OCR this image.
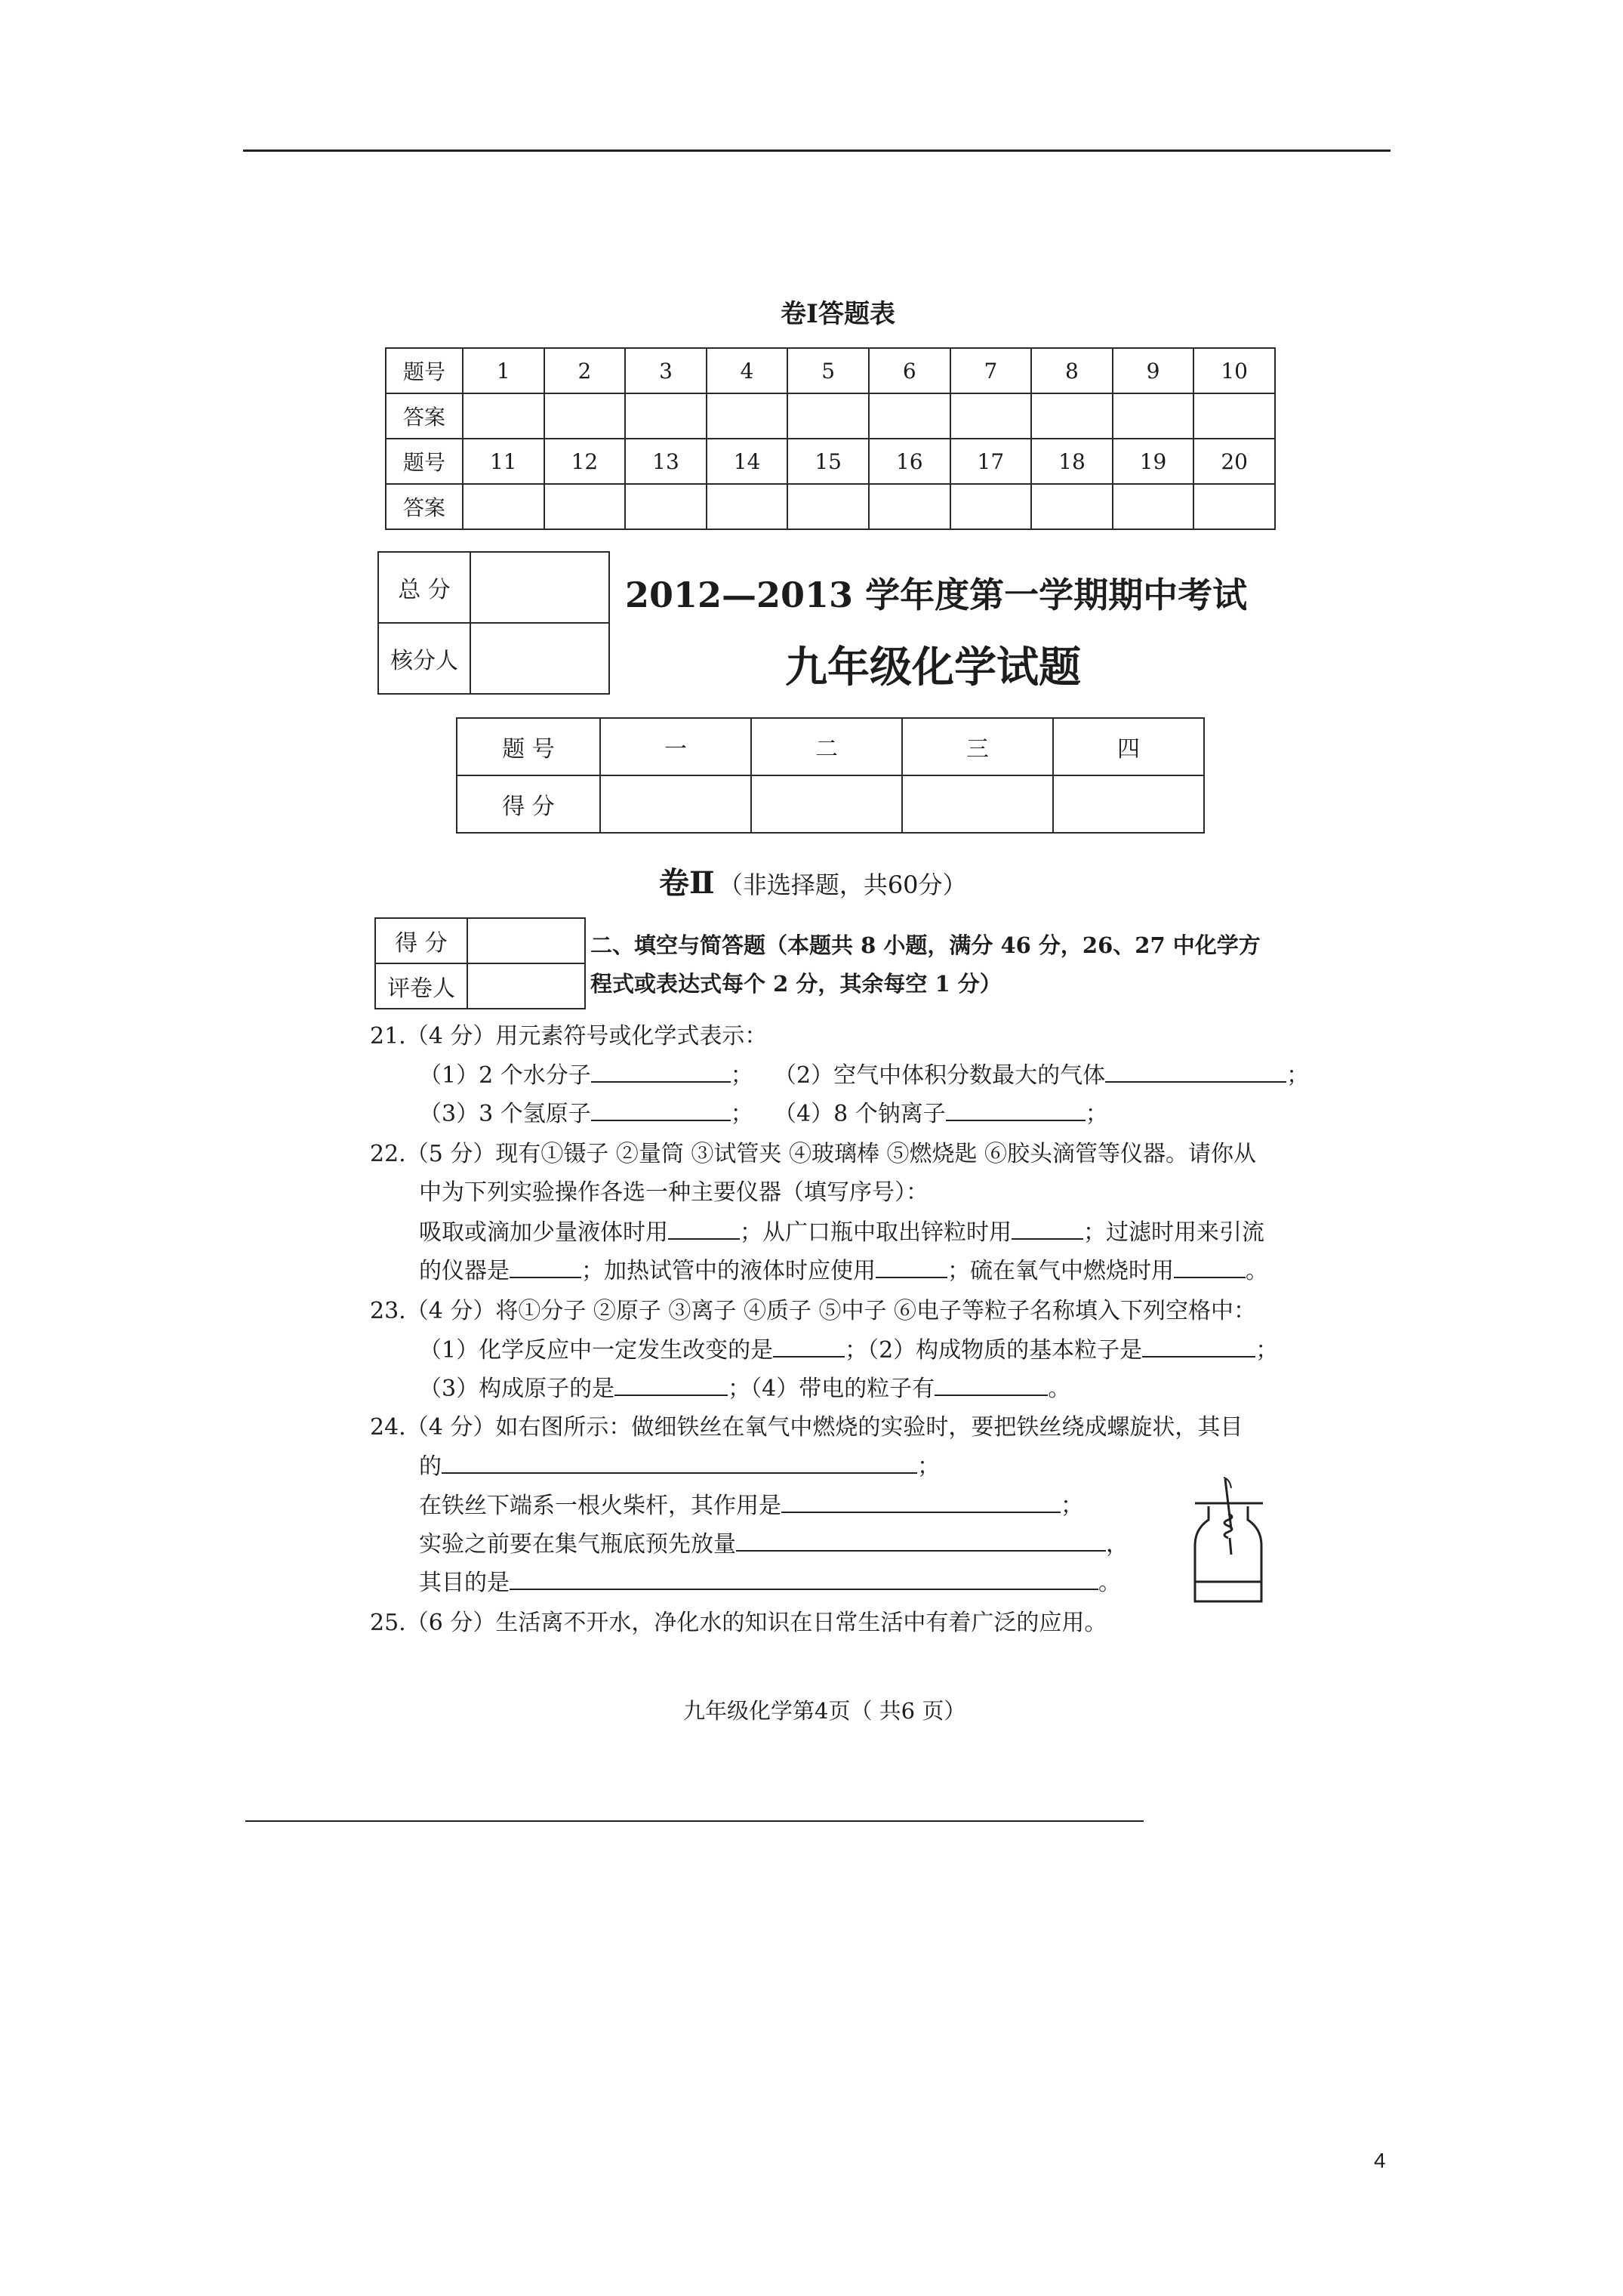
卷Ⅰ答题表
题号	1	2	3	4	5	6	7	8	9	10
答案										
题号	11	12	13	14	15	16	17	18	19	20
答案										
总 分	
核分人	
2012—2013 学年度第一学期期中考试
九年级化学试题
题 号	一	二	三	四
得 分				
卷Ⅱ （非选择题，共60分）
得 分	
评卷人	
二、填空与简答题（本题共 8 小题，满分 46 分，26、27 中化学方
程式或表达式每个 2 分，其余每空 1 分）
21.（4 分）用元素符号或化学式表示：
（1）2 个水分子	； （2）空气中体积分数最大的气体	；
（3）3 个氢原子	； （4）8 个钠离子	；
22.（5 分）现有①镊子 ②量筒 ③试管夹 ④玻璃棒 ⑤燃烧匙 ⑥胶头滴管等仪器。请你从
中为下列实验操作各选一种主要仪器（填写序号）：
吸取或滴加少量液体时用	；从广口瓶中取出锌粒时用	；过滤时用来引流
的仪器是	；加热试管中的液体时应使用	；硫在氧气中燃烧时用	。
23.（4 分）将①分子 ②原子 ③离子 ④质子 ⑤中子 ⑥电子等粒子名称填入下列空格中：
（1）化学反应中一定发生改变的是	；（2）构成物质的基本粒子是	；
（3）构成原子的是	；（4）带电的粒子有	。
24.（4 分）如右图所示：做细铁丝在氧气中燃烧的实验时，要把铁丝绕成螺旋状，其目
的	；
在铁丝下端系一根火柴杆，其作用是	；
实验之前要在集气瓶底预先放量	，
其目的是	。
25.（6 分）生活离不开水，净化水的知识在日常生活中有着广泛的应用。
九年级化学第4页（ 共6 页）
4
